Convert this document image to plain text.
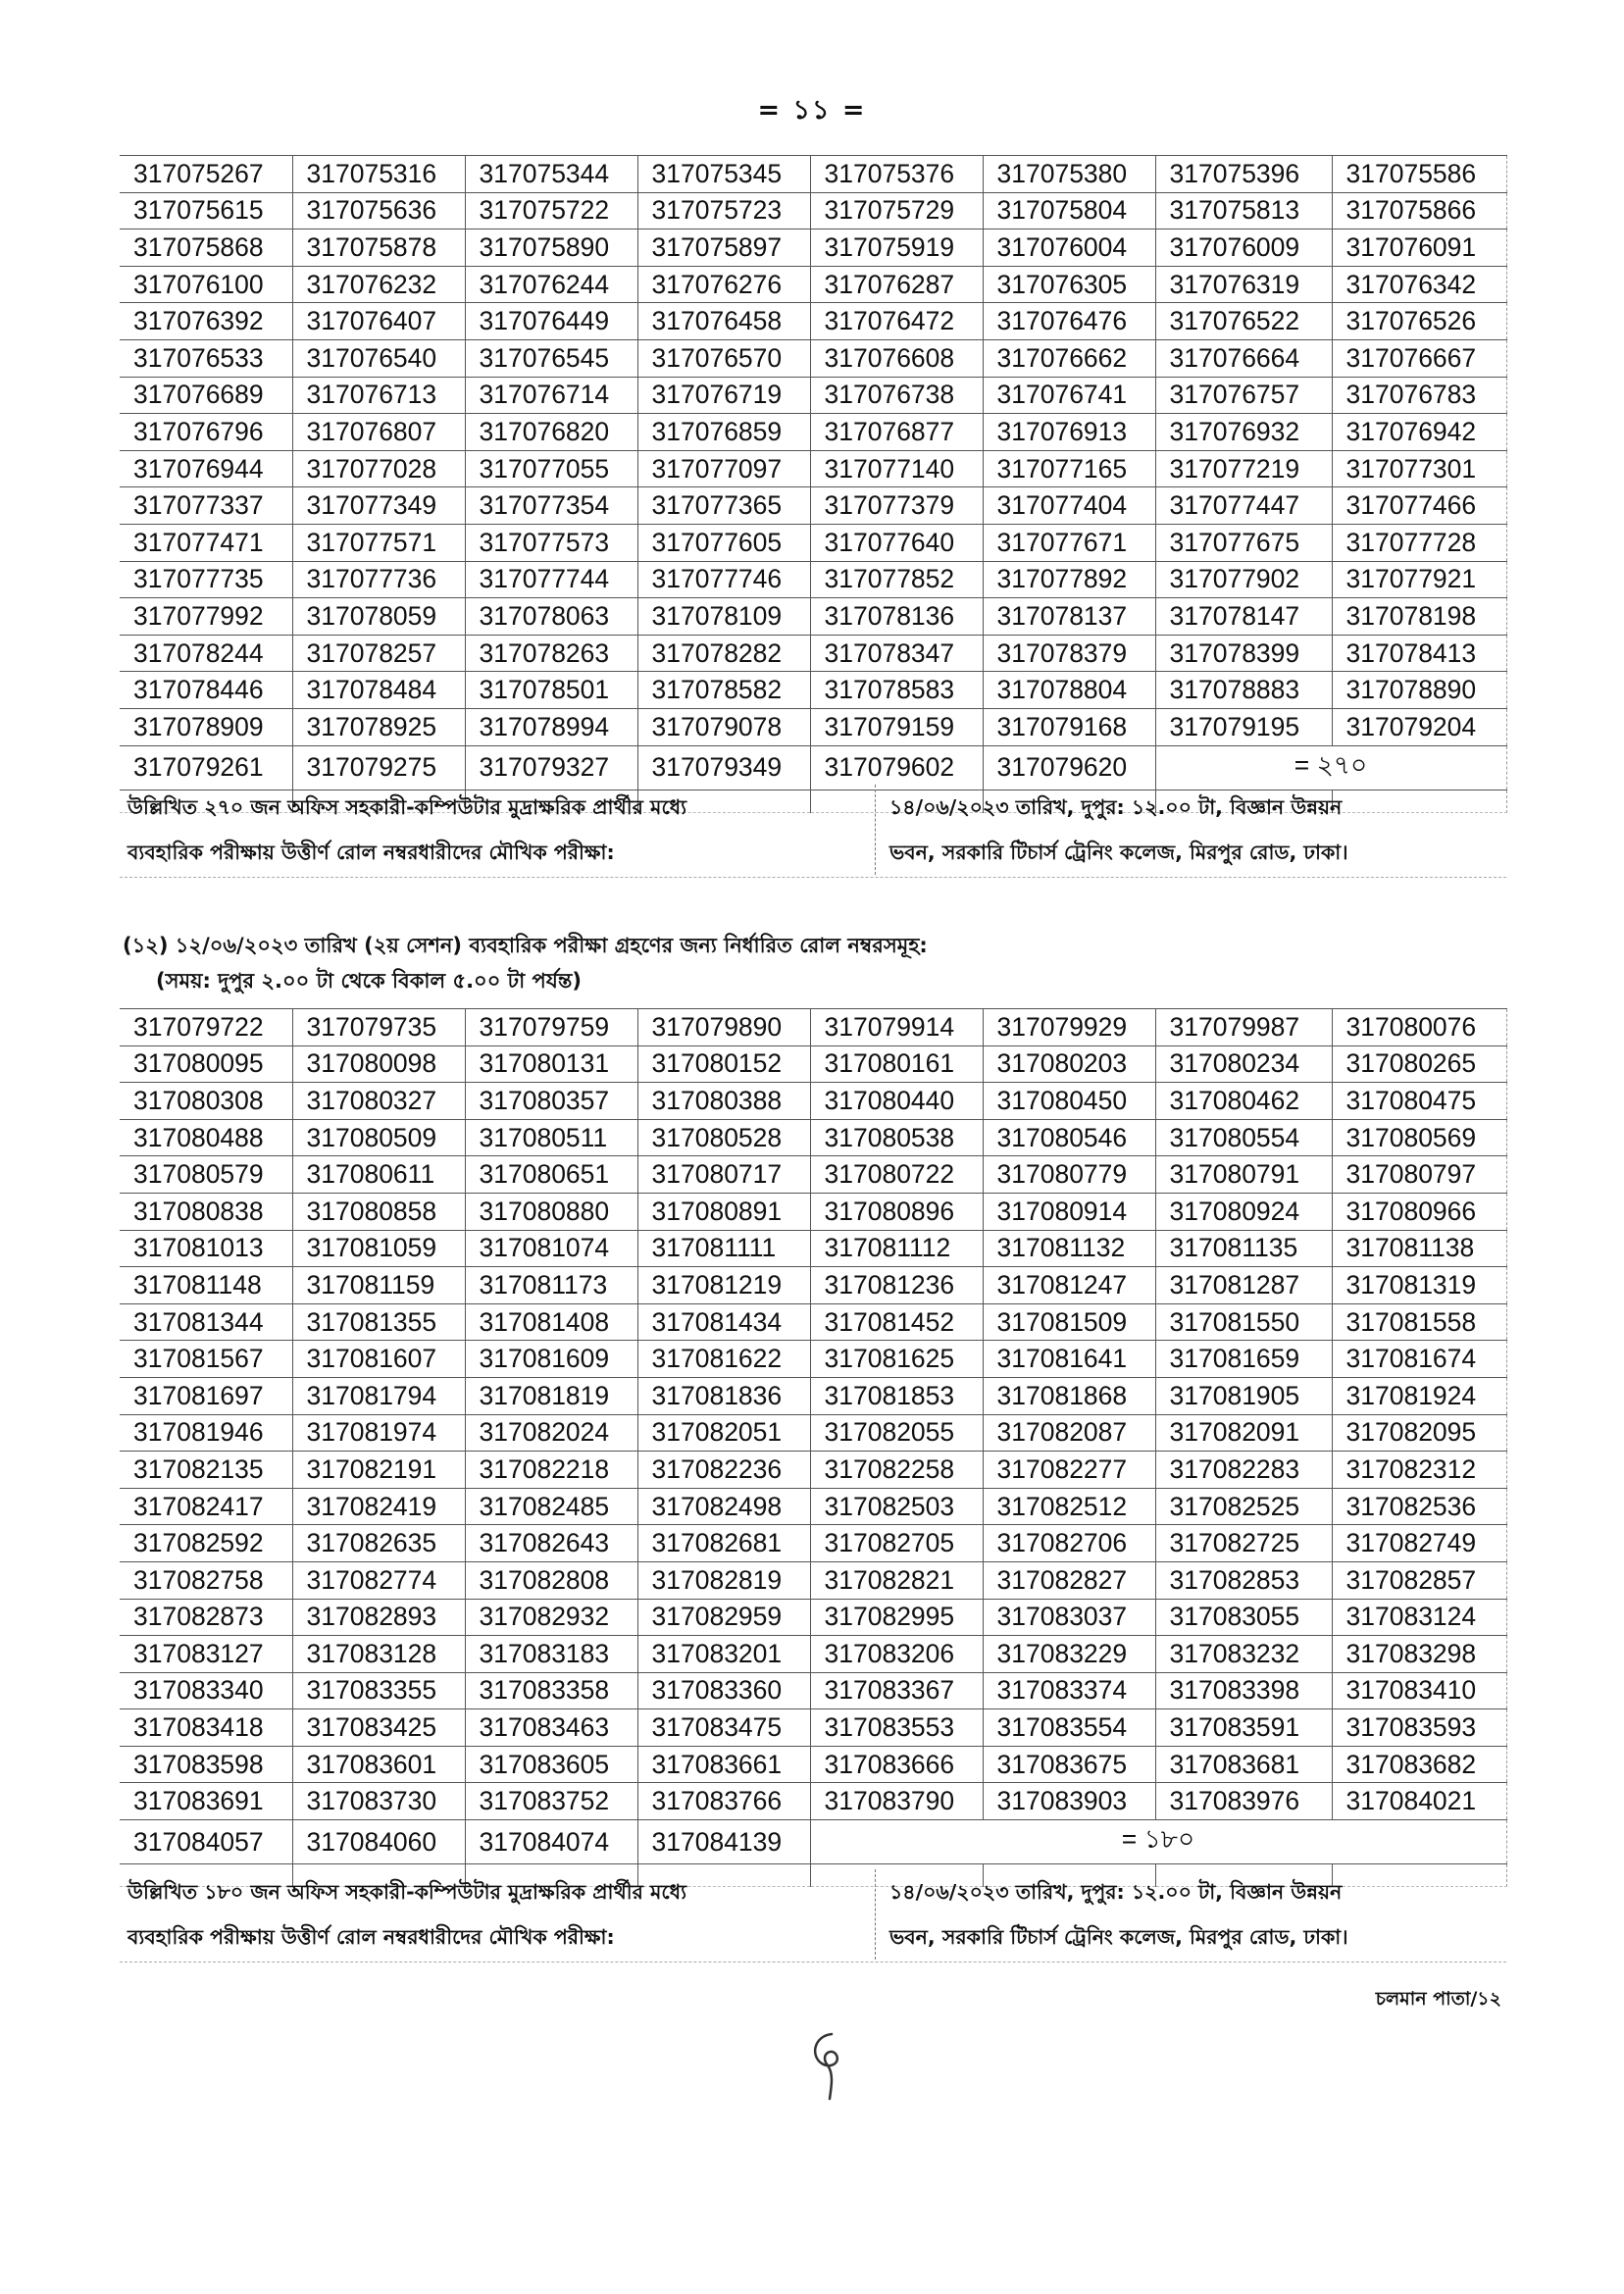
= ১১ =
317075267	317075316	317075344	317075345	317075376	317075380	317075396	317075586
317075615	317075636	317075722	317075723	317075729	317075804	317075813	317075866
317075868	317075878	317075890	317075897	317075919	317076004	317076009	317076091
317076100	317076232	317076244	317076276	317076287	317076305	317076319	317076342
317076392	317076407	317076449	317076458	317076472	317076476	317076522	317076526
317076533	317076540	317076545	317076570	317076608	317076662	317076664	317076667
317076689	317076713	317076714	317076719	317076738	317076741	317076757	317076783
317076796	317076807	317076820	317076859	317076877	317076913	317076932	317076942
317076944	317077028	317077055	317077097	317077140	317077165	317077219	317077301
317077337	317077349	317077354	317077365	317077379	317077404	317077447	317077466
317077471	317077571	317077573	317077605	317077640	317077671	317077675	317077728
317077735	317077736	317077744	317077746	317077852	317077892	317077902	317077921
317077992	317078059	317078063	317078109	317078136	317078137	317078147	317078198
317078244	317078257	317078263	317078282	317078347	317078379	317078399	317078413
317078446	317078484	317078501	317078582	317078583	317078804	317078883	317078890
317078909	317078925	317078994	317079078	317079159	317079168	317079195	317079204
317079261	317079275	317079327	317079349	317079602	317079620	= ২৭০	

উল্লিখিত ২৭০ জন অফিস সহকারী-কম্পিউটার মুদ্রাক্ষরিক প্রার্থীর মধ্যে
ব্যবহারিক পরীক্ষায় উত্তীর্ণ রোল নম্বরধারীদের মৌখিক পরীক্ষা:
১৪/০৬/২০২৩ তারিখ, দুপুর: ১২.০০ টা, বিজ্ঞান উন্নয়ন
ভবন, সরকারি টিচার্স ট্রেনিং কলেজ, মিরপুর রোড, ঢাকা।
(১২) ১২/০৬/২০২৩ তারিখ (২য় সেশন) ব্যবহারিক পরীক্ষা গ্রহণের জন্য নির্ধারিত রোল নম্বরসমূহ:
(সময়: দুপুর ২.০০ টা থেকে বিকাল ৫.০০ টা পর্যন্ত)
317079722	317079735	317079759	317079890	317079914	317079929	317079987	317080076
317080095	317080098	317080131	317080152	317080161	317080203	317080234	317080265
317080308	317080327	317080357	317080388	317080440	317080450	317080462	317080475
317080488	317080509	317080511	317080528	317080538	317080546	317080554	317080569
317080579	317080611	317080651	317080717	317080722	317080779	317080791	317080797
317080838	317080858	317080880	317080891	317080896	317080914	317080924	317080966
317081013	317081059	317081074	317081111	317081112	317081132	317081135	317081138
317081148	317081159	317081173	317081219	317081236	317081247	317081287	317081319
317081344	317081355	317081408	317081434	317081452	317081509	317081550	317081558
317081567	317081607	317081609	317081622	317081625	317081641	317081659	317081674
317081697	317081794	317081819	317081836	317081853	317081868	317081905	317081924
317081946	317081974	317082024	317082051	317082055	317082087	317082091	317082095
317082135	317082191	317082218	317082236	317082258	317082277	317082283	317082312
317082417	317082419	317082485	317082498	317082503	317082512	317082525	317082536
317082592	317082635	317082643	317082681	317082705	317082706	317082725	317082749
317082758	317082774	317082808	317082819	317082821	317082827	317082853	317082857
317082873	317082893	317082932	317082959	317082995	317083037	317083055	317083124
317083127	317083128	317083183	317083201	317083206	317083229	317083232	317083298
317083340	317083355	317083358	317083360	317083367	317083374	317083398	317083410
317083418	317083425	317083463	317083475	317083553	317083554	317083591	317083593
317083598	317083601	317083605	317083661	317083666	317083675	317083681	317083682
317083691	317083730	317083752	317083766	317083790	317083903	317083976	317084021
317084057	317084060	317084074	317084139	= ১৮০			

উল্লিখিত ১৮০ জন অফিস সহকারী-কম্পিউটার মুদ্রাক্ষরিক প্রার্থীর মধ্যে
ব্যবহারিক পরীক্ষায় উত্তীর্ণ রোল নম্বরধারীদের মৌখিক পরীক্ষা:
১৪/০৬/২০২৩ তারিখ, দুপুর: ১২.০০ টা, বিজ্ঞান উন্নয়ন
ভবন, সরকারি টিচার্স ট্রেনিং কলেজ, মিরপুর রোড, ঢাকা।
চলমান পাতা/১২
